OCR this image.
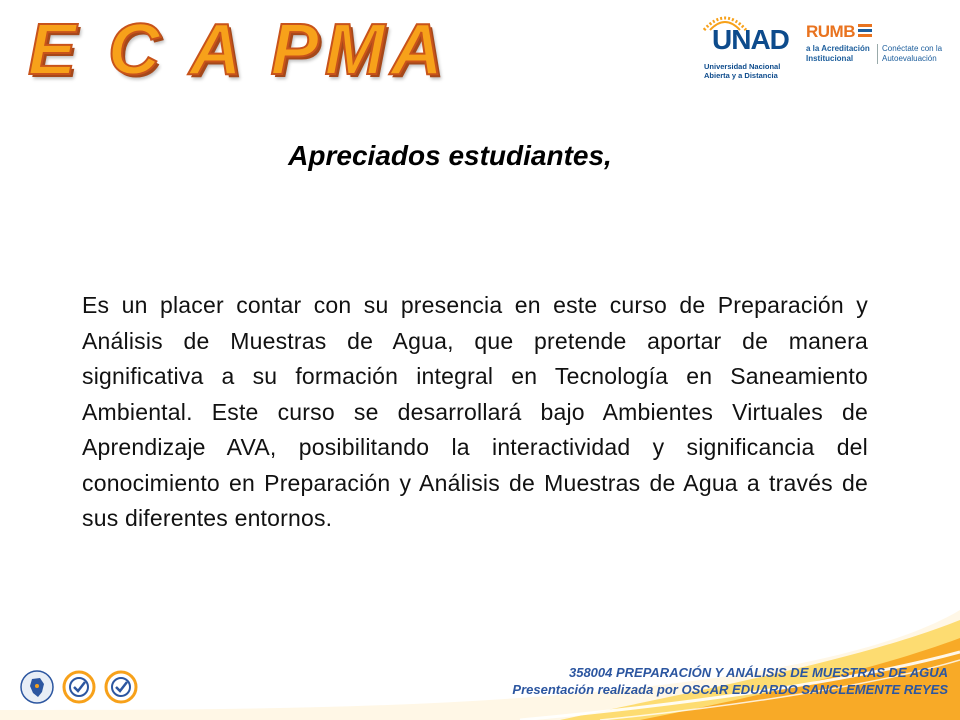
E C A PMA	UNAD
Universidad Nacional Abierta y a Distancia
RUMB
a la Acreditación Institucional
Conéctate con la Autoevaluación
Apreciados estudiantes,
Es un placer contar con su presencia en este curso de Preparación y Análisis de Muestras de Agua, que pretende aportar de manera significativa a su formación integral en Tecnología en Saneamiento Ambiental. Este curso se desarrollará bajo Ambientes Virtuales de Aprendizaje AVA, posibilitando la interactividad y significancia del conocimiento en Preparación y Análisis de Muestras de Agua a través de sus diferentes entornos.
358004 PREPARACIÓN Y ANÁLISIS DE MUESTRAS DE AGUA
Presentación realizada por OSCAR EDUARDO SANCLEMENTE REYES
